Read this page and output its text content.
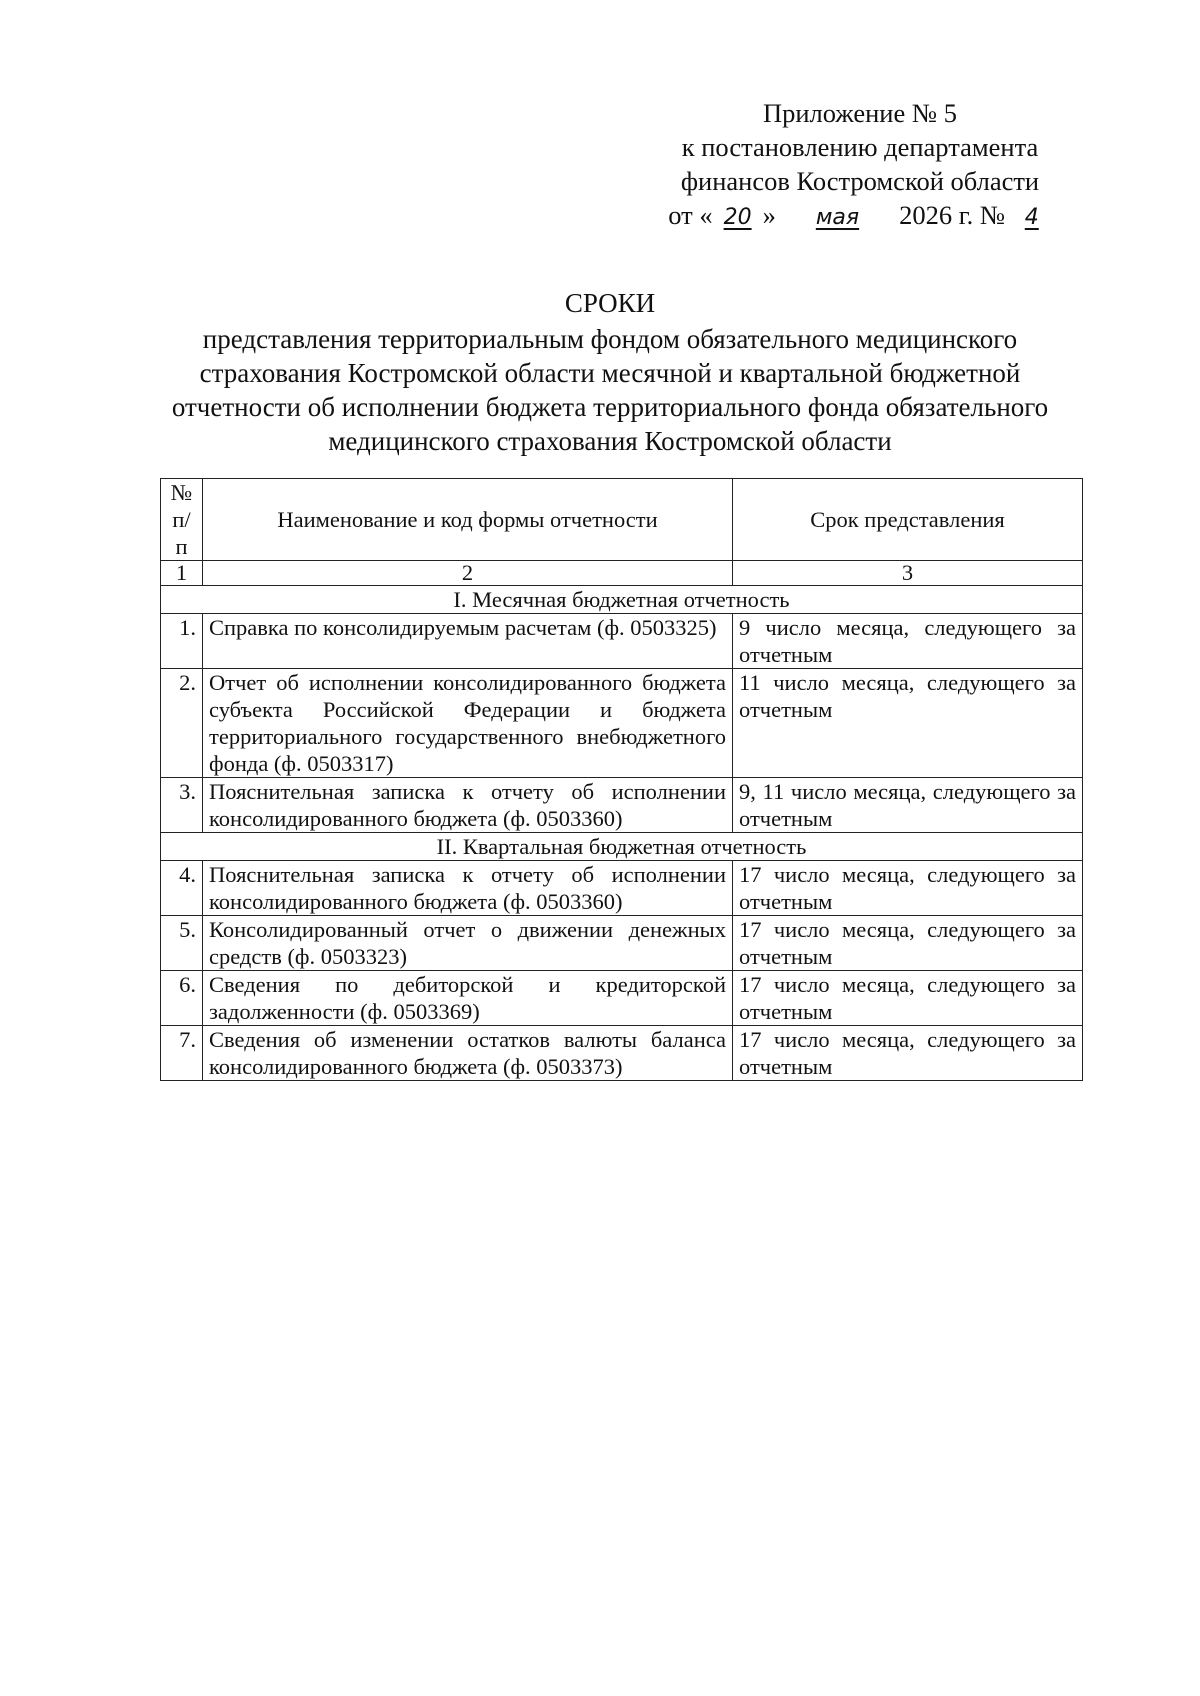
Приложение № 5
к постановлению департамента
финансов Костромской области
от « 20 » мая 2026 г. № 4
СРОКИ
представления территориальным фондом обязательного медицинского страхования Костромской области месячной и квартальной бюджетной отчетности об исполнении бюджета территориального фонда обязательного медицинского страхования Костромской области
№ п/п	Наименование и код формы отчетности	Срок представления
1	2	3
I. Месячная бюджетная отчетность		
1.	Справка по консолидируемым расчетам (ф. 0503325)	9 число месяца, следующего за отчетным
2.	Отчет об исполнении консолидированного бюджета субъекта Российской Федерации и бюджета территориального государственного внебюджетного фонда (ф. 0503317)	11 число месяца, следующего за отчетным
3.	Пояснительная записка к отчету об исполнении консолидированного бюджета (ф. 0503360)	9, 11 число месяца, следующего за отчетным
II. Квартальная бюджетная отчетность		
4.	Пояснительная записка к отчету об исполнении консолидированного бюджета (ф. 0503360)	17 число месяца, следующего за отчетным
5.	Консолидированный отчет о движении денежных средств (ф. 0503323)	17 число месяца, следующего за отчетным
6.	Сведения по дебиторской и кредиторской задолженности (ф. 0503369)	17 число месяца, следующего за отчетным
7.	Сведения об изменении остатков валюты баланса консолидированного бюджета (ф. 0503373)	17 число месяца, следующего за отчетным
